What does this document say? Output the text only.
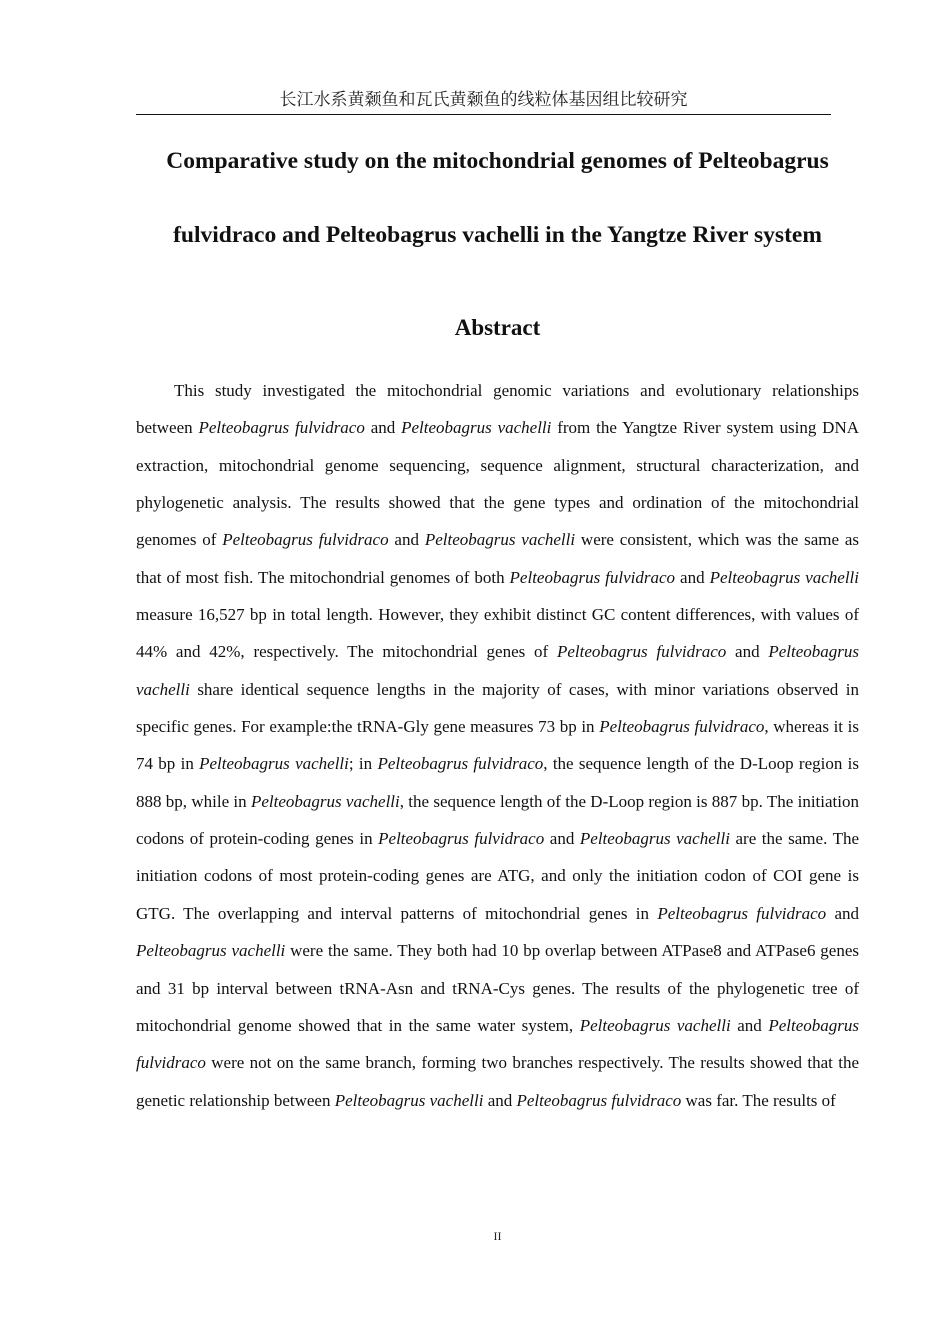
长江水系黄颡鱼和瓦氏黄颡鱼的线粒体基因组比较研究
Comparative study on the mitochondrial genomes of Pelteobagrus
fulvidraco and Pelteobagrus vachelli in the Yangtze River system
Abstract

This study investigated the mitochondrial genomic variations and evolutionary relationships between Pelteobagrus fulvidraco and Pelteobagrus vachelli from the Yangtze River system using DNA extraction, mitochondrial genome sequencing, sequence alignment, structural characterization, and phylogenetic analysis. The results showed that the gene types and ordination of the mitochondrial genomes of Pelteobagrus fulvidraco and Pelteobagrus vachelli were consistent, which was the same as that of most fish. The mitochondrial genomes of both Pelteobagrus fulvidraco and Pelteobagrus vachelli measure 16,527 bp in total length. However, they exhibit distinct GC content differences, with values of 44% and 42%, respectively. The mitochondrial genes of Pelteobagrus fulvidraco and Pelteobagrus vachelli share identical sequence lengths in the majority of cases, with minor variations observed in specific genes. For example:the tRNA-Gly gene measures 73 bp in Pelteobagrus fulvidraco, whereas it is 74 bp in Pelteobagrus vachelli; in Pelteobagrus fulvidraco, the sequence length of the D-Loop region is 888 bp, while in Pelteobagrus vachelli, the sequence length of the D-Loop region is 887 bp. The initiation codons of protein-coding genes in Pelteobagrus fulvidraco and Pelteobagrus vachelli are the same. The initiation codons of most protein-coding genes are ATG, and only the initiation codon of COI gene is GTG. The overlapping and interval patterns of mitochondrial genes in Pelteobagrus fulvidraco and Pelteobagrus vachelli were the same. They both had 10 bp overlap between ATPase8 and ATPase6 genes and 31 bp interval between tRNA-Asn and tRNA-Cys genes. The results of the phylogenetic tree of mitochondrial genome showed that in the same water system, Pelteobagrus vachelli and Pelteobagrus fulvidraco were not on the same branch, forming two branches respectively. The results showed that the genetic relationship between Pelteobagrus vachelli and Pelteobagrus fulvidraco was far. The results of

II
